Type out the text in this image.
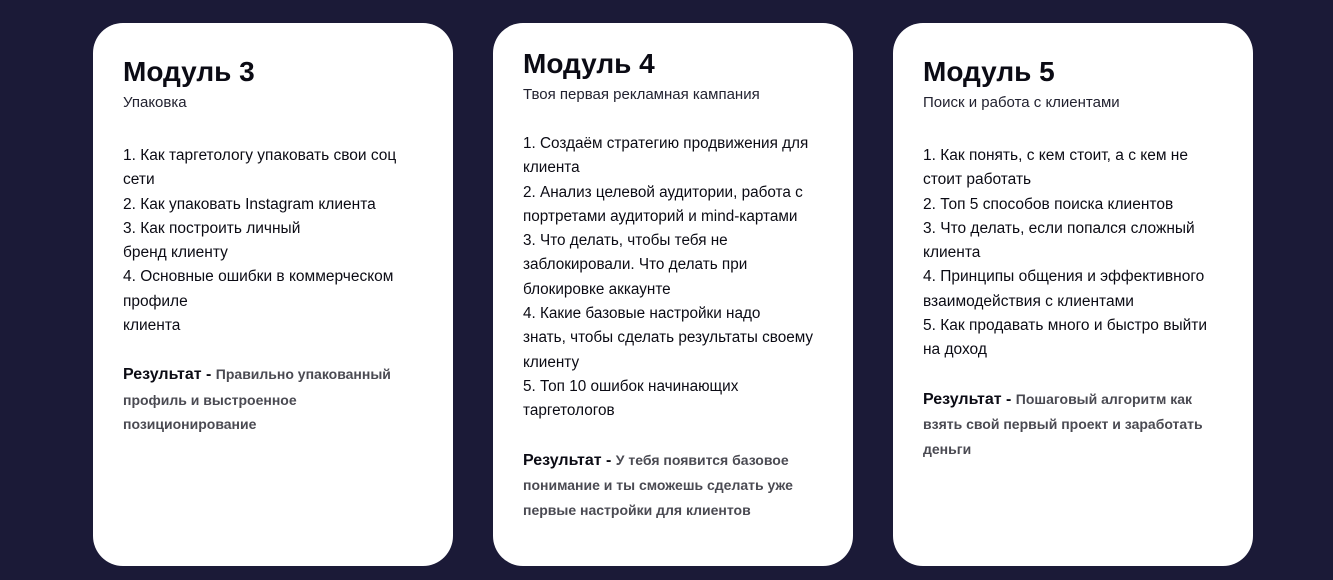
Модуль 3

Упаковка

1. Как таргетологу упаковать свои соц
сети
2. Как упаковать Instagram клиента
3. Как построить личный
бренд клиенту
4. Основные ошибки в коммерческом
профиле
клиента
Результат - Правильно упакованный профиль и выстроенное позиционирование
Модуль 4

Твоя первая рекламная кампания

1. Создаём стратегию продвижения для
клиента
2. Анализ целевой аудитории, работа с
портретами аудиторий и mind-картами
3. Что делать, чтобы тебя не
заблокировали. Что делать при
блокировке аккаунте
4. Какие базовые настройки надо
знать, чтобы сделать результаты своему
клиенту
5. Топ 10 ошибок начинающих
таргетологов
Результат - У тебя появится базовое понимание и ты сможешь сделать уже первые настройки для клиентов
Модуль 5

Поиск и работа с клиентами

1. Как понять, с кем стоит, а с кем не
стоит работать
2. Топ 5 способов поиска клиентов
3. Что делать, если попался сложный
клиента
4. Принципы общения и эффективного
взаимодействия с клиентами
5. Как продавать много и быстро выйти
на доход
Результат - Пошаговый алгоритм как взять свой первый проект и заработать деньги
